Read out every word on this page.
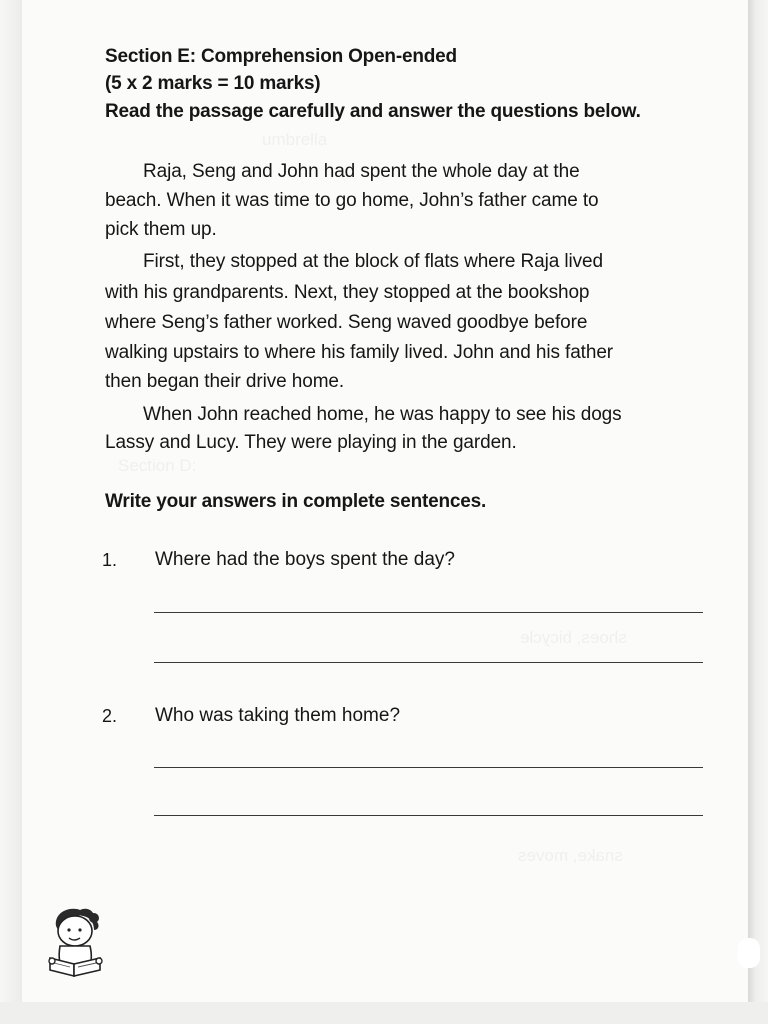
Section E: Comprehension Open-ended
(5 x 2 marks = 10 marks)
Read the passage carefully and answer the questions below.
Raja, Seng and John had spent the whole day at the
beach. When it was time to go home, John’s father came to
pick them up.
First, they stopped at the block of flats where Raja lived
with his grandparents. Next, they stopped at the bookshop
where Seng’s father worked. Seng waved goodbye before
walking upstairs to where his family lived. John and his father
then began their drive home.
When John reached home, he was happy to see his dogs
Lassy and Lucy. They were playing in the garden.
Write your answers in complete sentences.
1. Where had the boys spent the day?
2. Who was taking them home?
